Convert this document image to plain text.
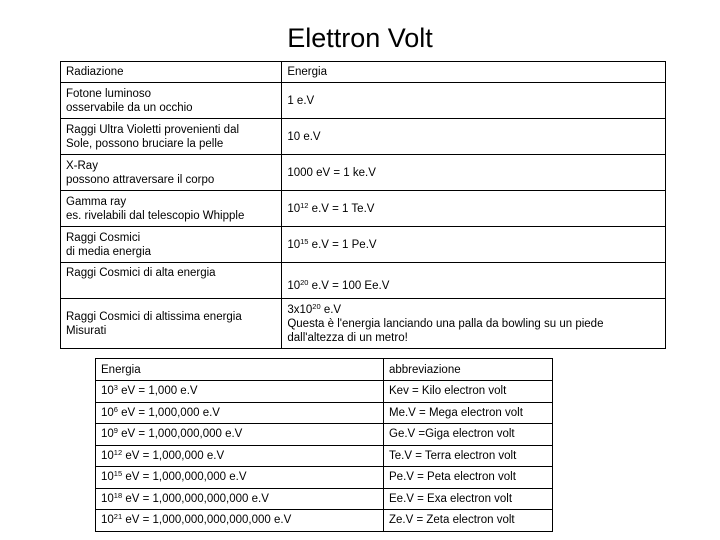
Elettron Volt
Radiazione	Energia
Fotone luminoso
osservabile da un occhio	1 e.V
Raggi Ultra Violetti provenienti dal
Sole, possono bruciare la pelle	10 e.V
X-Ray
possono attraversare il corpo	1000 eV = 1 ke.V
Gamma ray
es. rivelabili dal telescopio Whipple	$10^{12}$ e.V = 1 Te.V
Raggi Cosmici
di media energia	$10^{15}$ e.V = 1 Pe.V
Raggi Cosmici di alta energia	$10^{20}$ e.V = 100 Ee.V
Raggi Cosmici di altissima energia
Misurati	$3x10^{20}$ e.V
Questa è l'energia lanciando una palla da bowling su un piede
dall'altezza di un metro!
Energia	abbreviazione
$10^3$ eV = 1,000 e.V	Kev = Kilo electron volt
$10^6$ eV = 1,000,000 e.V	Me.V = Mega electron volt
$10^9$ eV = 1,000,000,000 e.V	Ge.V =Giga electron volt
$10^{12}$ eV = 1,000,000 e.V	Te.V = Terra electron volt
$10^{15}$ eV = 1,000,000,000 e.V	Pe.V = Peta electron volt
$10^{18}$ eV = 1,000,000,000,000 e.V	Ee.V = Exa electron volt
$10^{21}$ eV = 1,000,000,000,000,000 e.V	Ze.V = Zeta electron volt
